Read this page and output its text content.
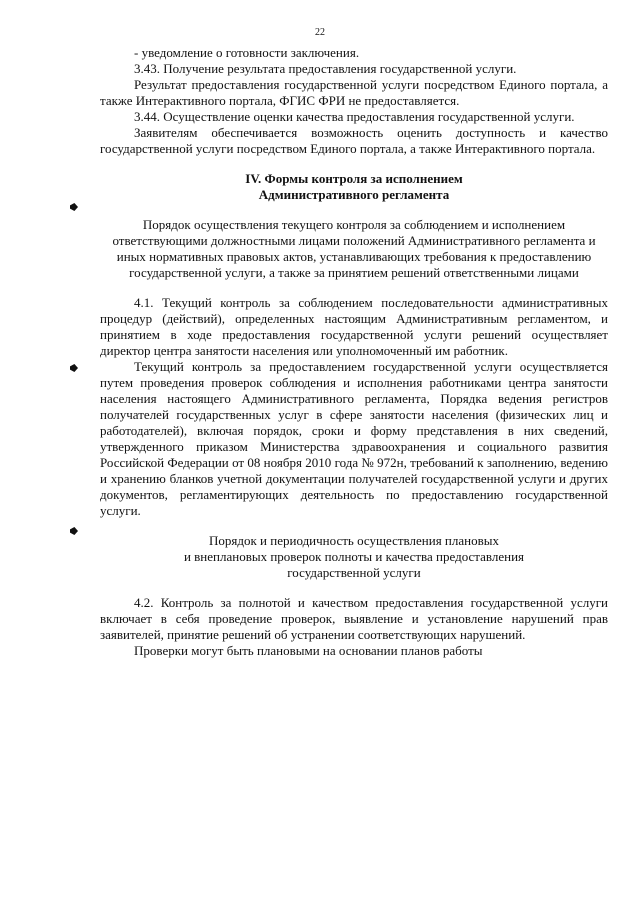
22

- уведомление о готовности заключения.

3.43. Получение результата предоставления государственной услуги.

Результат предоставления государственной услуги посредством Единого портала, а также Интерактивного портала, ФГИС ФРИ не предоставляется.

3.44. Осуществление оценки качества предоставления государственной услуги.

Заявителям обеспечивается возможность оценить доступность и качество государственной услуги посредством Единого портала, а также Интерактивного портала.

IV. Формы контроля за исполнением
Административного регламента
Порядок осуществления текущего контроля за соблюдением и исполнением ответствующими должностными лицами положений Административного регламента и иных нормативных правовых актов, устанавливающих требования к предоставлению государственной услуги, а также за принятием решений ответственными лицами

4.1. Текущий контроль за соблюдением последовательности административных процедур (действий), определенных настоящим Административным регламентом, и принятием в ходе предоставления государственной услуги решений осуществляет директор центра занятости населения или уполномоченный им работник.

Текущий контроль за предоставлением государственной услуги осуществляется путем проведения проверок соблюдения и исполнения работниками центра занятости населения настоящего Административного регламента, Порядка ведения регистров получателей государственных услуг в сфере занятости населения (физических лиц и работодателей), включая порядок, сроки и форму представления в них сведений, утвержденного приказом Министерства здравоохранения и социального развития Российской Федерации от 08 ноября 2010 года № 972н, требований к заполнению, ведению и хранению бланков учетной документации получателей государственной услуги и других документов, регламентирующих деятельность по предоставлению государственной услуги.

Порядок и периодичность осуществления плановых
и внеплановых проверок полноты и качества предоставления
государственной услуги

4.2. Контроль за полнотой и качеством предоставления государственной услуги включает в себя проведение проверок, выявление и установление нарушений прав заявителей, принятие решений об устранении соответствующих нарушений.

Проверки могут быть плановыми на основании планов работы
